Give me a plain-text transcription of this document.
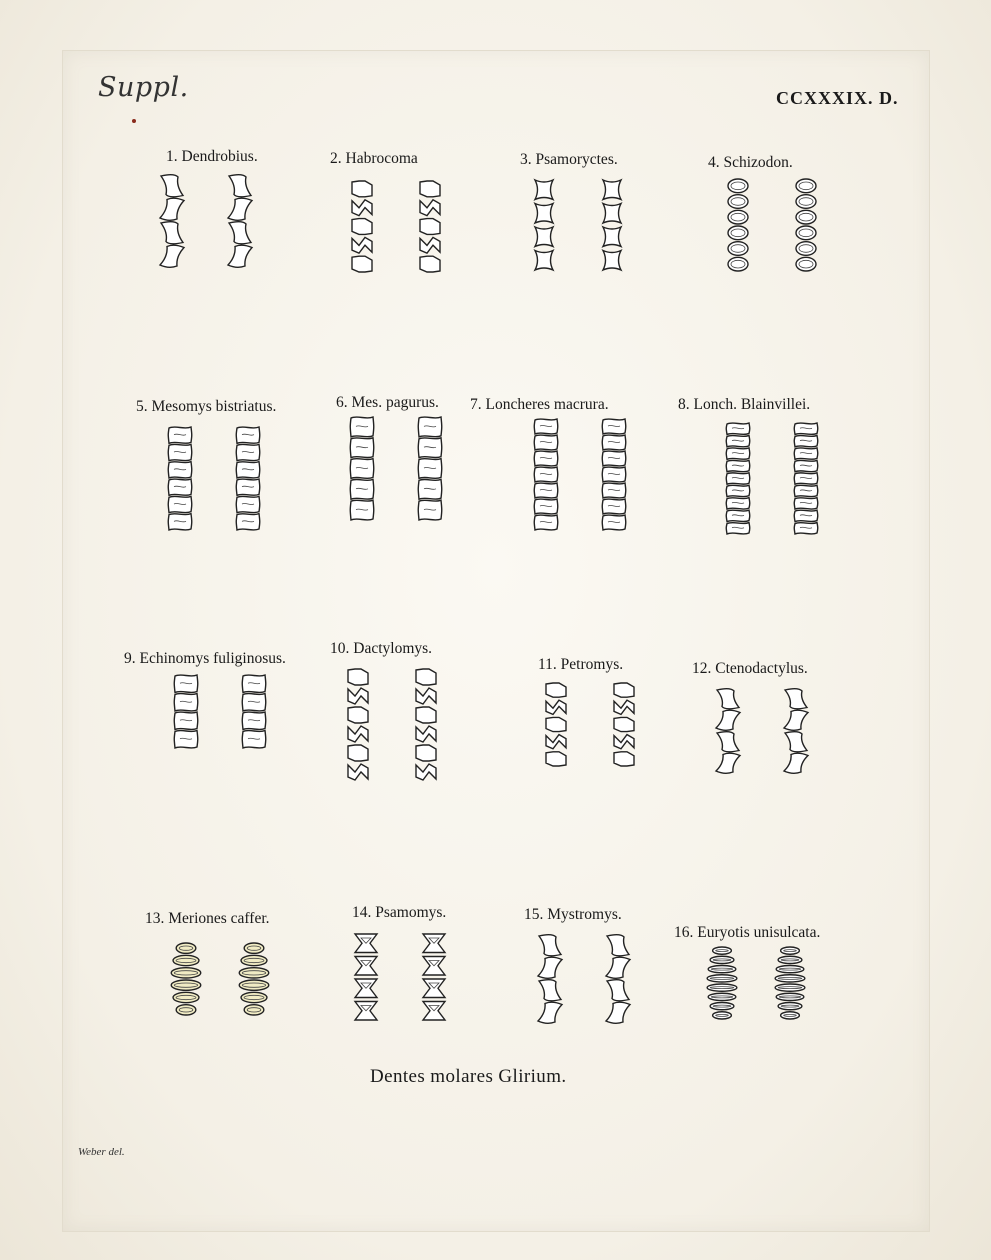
Suppl.	CCXXXIX. D.
1. Dendrobius.	2. Habrocoma	3. Psamoryctes.	4. Schizodon.
5. Mesomys bistriatus.	6. Mes. pagurus. 7. Loncheres macrura.	8. Lonch. Blainvillei.
9. Echinomys fuliginosus.
10. Dactylomys.
11. Petromys.	12. Ctenodactylus.
13. Meriones caffer.	14. Psamomys.	15. Mystromys.
16. Euryotis unisulcata.
Dentes molares Glirium.
Weber del.
